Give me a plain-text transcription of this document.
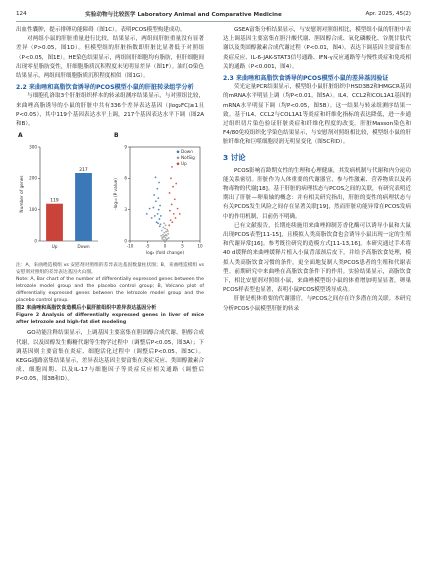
124	实验动物与比较医学 Laboratory Animal and Comparative Medicine	Apr. 2025, 45(2)

出血性囊肿，提示排卵功能障碍（图1C）。表明PCOS模型构建成功。

对两组小鼠的肝脏重量进行比较，结果显示，两组间肝脏重量没有显著差异（P>0.05，图1D）。但模型组的肝脏指数即肝脏比显著低于对照组（P<0.05，图1E）。HE染色结果显示，两组间肝细胞均有脂肪，但肝细胞间出现零星脂肪变性，肝细胞脂质沉积程度未见明显差异（图1F）。油红O染色结果显示，两组间肝细胞脂质沉积程度相似（图1G）。

2.2 来曲唑和高脂饮食诱导的PCOS模型小鼠的肝脏转录组学分析

与细胞孔洛取3个肝脏组织样本的转录组测序结果显示，与对照组比较，来曲唑高脂诱导的小鼠的肝脏中共有336个差异表达基因（|log₂FC|≥1且P<0.05），其中119个基因表达水平上调，217个基因表达水平下调（图2A和B）。

A	B
0
100
200
300
Number of genes	119
Up
217
Down	-10	-5	0	5	10
0
3
6
9
log₂ (fold change)
-log₁₀ (P value)
Down
NotSig
Up

注：A，来曲唑造模组 vs 安慰剂对照组的差异表达基因数量柱状图；B，来曲唑造模组 vs 安慰剂对照组的差异表达基因火山图。

Note: A, Bar chart of the number of differentially expressed genes between the letrozole model group and the placebo control group; B, Volcano plot of differentially expressed genes between the letrozole model group and the placebo control group.

图2 来曲唑和高脂饮食造模后小鼠肝脏组织中差异表达基因分析

Figure 2 Analysis of differentially expressed genes in liver of mice after letrozole and high-fat diet modeling

GO功能注释结果显示，上调基因主要富集在胆固醇合成代谢、胆醇合成代谢，以及固醇发生酶糖代谢等生物学过程中（调整后P<0.05，图3A）；下调基因则主要富集在炎症、细胞活化过程中（调整后P<0.05，图3C）。KEGG通路富集结果显示，差异表达基因主要富集在炎症反应、类固醇激素合成、细胞周期、以及IL-17与细胞因子等炎症反应相关通路（调整后P<0.05，图3B和D）。

GSEA富集分析结果显示，与安慰剂对照组相比，模型组小鼠的肝脏中表达上调基因主要富集在胆汁酸代谢、胆固醇合成、氧化磷酸化、谷胱甘肽代谢以及类固醇激素合成代谢过程（P<0.01，图4）。表达下调基因主要富集在炎症反应、IL-6-JAK-STAT3信号通路、IFN-γ反应通路等与慢性炎症和免疫相关的通路（P<0.001，图4）。

2.3 来曲唑和高脂饮食诱导的PCOS模型小鼠的差异基因验证

荧光定量PCR结果显示，模型组小鼠肝脏组织中HSD3B2和HMGCR基因的mRNA水平明显上调（均P<0.01，图5A）。IL4、CCL2和COL1A1基因的mRNA水平明显下调（均P<0.05，图5B）。这一结果与转录组测序结果一致。基于IL4、CCL2与COL1A1等炎症和纤维化指标的表达降低，进一步通过组织切片染色验证肝脏炎症和纤维化程度的改变。肝脏Masson染色和F4/80免疫组织化学染色结果显示，与安慰剂对照组相比较，模型组小鼠的肝脏纤维化和巨噬细胞浸润无明显变化（图5C和D）。

3 讨论

PCOS影响育龄期女性的生理和心理健康，其发病机制与代谢和内分泌功能关系密切。肝脏作为人体重要的代谢器官，参与性激素、营养物质以及药物毒物的代谢[18]。基于肝脏的病理状态与PCOS之间的关联，有研究表明近期出了肝脏—卵巢轴的概念：并有相关研究指出，肝脏的变性的病理状态与有关PCOS发生风险之间存在显著关联[19]，然而肝脏功能异常在PCOS发病中的作用机制，目前仍不明确。

已有文献报告，长期连续施用来曲唑抑制芳香化酶可以诱导小鼠和大鼠出现PCOS表型[11-15]，且模拟人类高脂饮食也会诱导小鼠出现一定的生殖和代谢异常[16]。参考既往研究的造模方式[11-13,16]，本研究通过手术将40 d缓释的来曲唑缓释片植入小鼠背部颈后皮下，并给予高脂饮食处理，模拟人类高脂饮食习惯的条件，更全面地复制人类PCOS患者的生殖和代谢表型。前期研究中来曲唑在高脂饮食条件下的作用。实验结果显示，高脂饮食下，相比安慰剂对照组小鼠，来曲唑模型组小鼠的体重增加明显显著，卵巢PCOS样表型也显著，表明小鼠PCOS模型诱导成功。

肝脏是机体重要的代谢器官，与PCOS之间存在许多潜在的关联。本研究分析PCOS小鼠模型肝脏的转录
